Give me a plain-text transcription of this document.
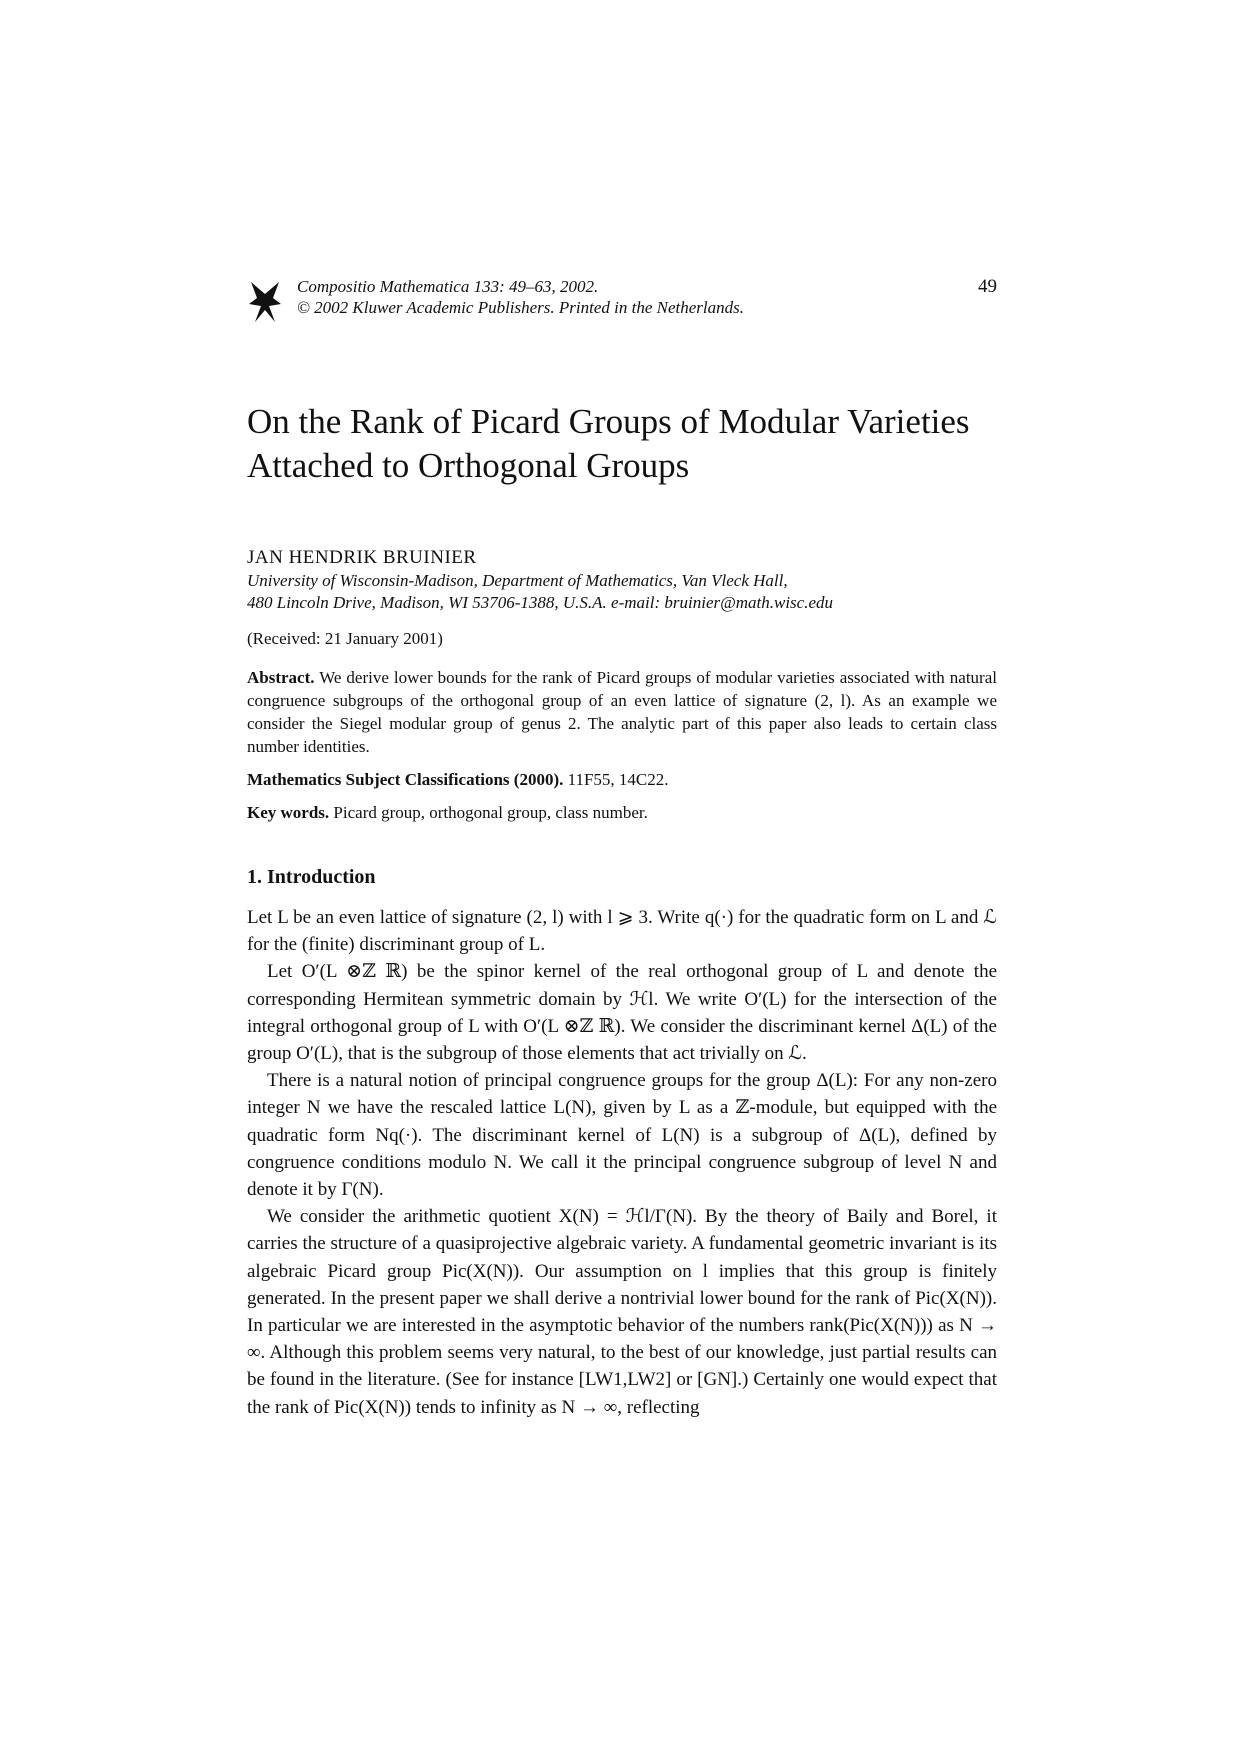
Compositio Mathematica 133: 49–63, 2002.
© 2002 Kluwer Academic Publishers. Printed in the Netherlands.
49
On the Rank of Picard Groups of Modular Varieties Attached to Orthogonal Groups
JAN HENDRIK BRUINIER
University of Wisconsin-Madison, Department of Mathematics, Van Vleck Hall,
480 Lincoln Drive, Madison, WI 53706-1388, U.S.A. e-mail: bruinier@math.wisc.edu
(Received: 21 January 2001)
Abstract. We derive lower bounds for the rank of Picard groups of modular varieties associated with natural congruence subgroups of the orthogonal group of an even lattice of signature (2, l). As an example we consider the Siegel modular group of genus 2. The analytic part of this paper also leads to certain class number identities.
Mathematics Subject Classifications (2000). 11F55, 14C22.
Key words. Picard group, orthogonal group, class number.
1. Introduction

Let L be an even lattice of signature (2, l) with l ⩾ 3. Write q(·) for the quadratic form on L and ℒ for the (finite) discriminant group of L.

Let O′(L ⊗ℤ ℝ) be the spinor kernel of the real orthogonal group of L and denote the corresponding Hermitean symmetric domain by ℋl. We write O′(L) for the intersection of the integral orthogonal group of L with O′(L ⊗ℤ ℝ). We consider the discriminant kernel Δ(L) of the group O′(L), that is the subgroup of those elements that act trivially on ℒ.

There is a natural notion of principal congruence groups for the group Δ(L): For any non-zero integer N we have the rescaled lattice L(N), given by L as a ℤ-module, but equipped with the quadratic form Nq(·). The discriminant kernel of L(N) is a subgroup of Δ(L), defined by congruence conditions modulo N. We call it the principal congruence subgroup of level N and denote it by Γ(N).

We consider the arithmetic quotient X(N) = ℋl/Γ(N). By the theory of Baily and Borel, it carries the structure of a quasiprojective algebraic variety. A fundamental geometric invariant is its algebraic Picard group Pic(X(N)). Our assumption on l implies that this group is finitely generated. In the present paper we shall derive a nontrivial lower bound for the rank of Pic(X(N)). In particular we are interested in the asymptotic behavior of the numbers rank(Pic(X(N))) as N → ∞. Although this problem seems very natural, to the best of our knowledge, just partial results can be found in the literature. (See for instance [LW1,LW2] or [GN].) Certainly one would expect that the rank of Pic(X(N)) tends to infinity as N → ∞, reflecting
